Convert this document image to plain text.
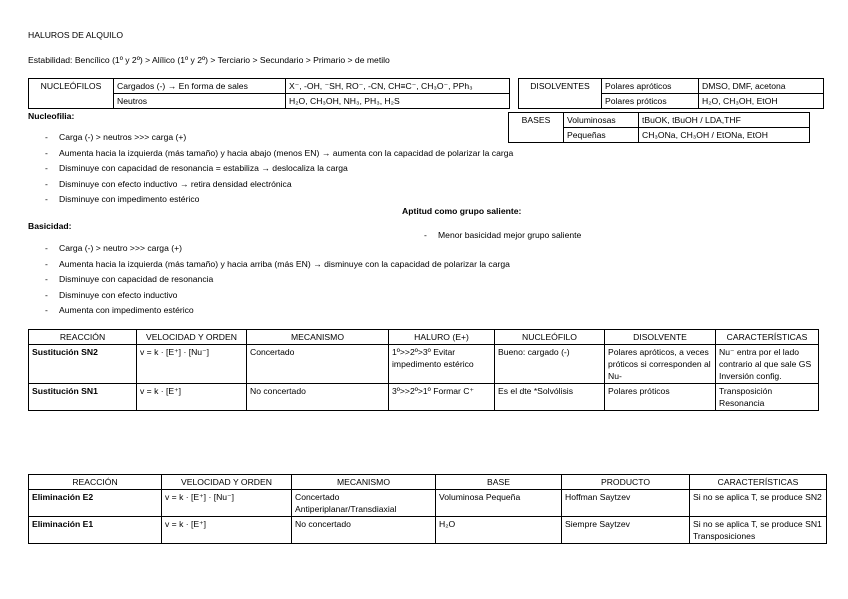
HALUROS DE ALQUILO
Estabilidad: Bencílico (1º y 2º) > Alílico (1º y 2º) > Terciario > Secundario > Primario > de metilo
NUCLEÓFILOS	Cargados (-) → En forma de sales	X⁻, -OH, ⁻SH, RO⁻, -CN, CH≡C⁻, CH₃O⁻, PPh₃
	Neutros	H₂O, CH₃OH, NH₃, PH₃, H₂S
DISOLVENTES	Polares apróticos	DMSO, DMF, acetona
	Polares próticos	H₂O, CH₃OH, EtOH
BASES	Voluminosas	tBuOK, tBuOH / LDA,THF
	Pequeñas	CH₃ONa, CH₃OH / EtONa, EtOH
Nucleofilia:
- Carga (-) > neutros >>> carga (+)
- Aumenta hacia la izquierda (más tamaño) y hacia abajo (menos EN) → aumenta con la capacidad de polarizar la carga
- Disminuye con capacidad de resonancia = estabiliza → deslocaliza la carga
- Disminuye con efecto inductivo → retira densidad electrónica
- Disminuye con impedimento estérico
Aptitud como grupo saliente:
- Menor basicidad mejor grupo saliente
Basicidad:
- Carga (-) > neutro >>> carga (+)
- Aumenta hacia la izquierda (más tamaño) y hacia arriba (más EN) → disminuye con la capacidad de polarizar la carga
- Disminuye con capacidad de resonancia
- Disminuye con efecto inductivo
- Aumenta con impedimento estérico
REACCIÓN	VELOCIDAD Y ORDEN	MECANISMO	HALURO (E+)	NUCLEÓFILO	DISOLVENTE	CARACTERÍSTICAS
Sustitución SN2	v = k · [E⁺] · [Nu⁻]	Concertado	1º>>2º>3º Evitar impedimento estérico	Bueno: cargado (-)	Polares apróticos, a veces próticos si corresponden al Nu-	Nu⁻ entra por el lado contrario al que sale GS Inversión config.
Sustitución SN1	v = k · [E⁺]	No concertado	3º>>2º>1º Formar C⁺	Es el dte *Solvólisis	Polares próticos	Transposición Resonancia
REACCIÓN	VELOCIDAD Y ORDEN	MECANISMO	BASE	PRODUCTO	CARACTERÍSTICAS
Eliminación E2	v = k · [E⁺] · [Nu⁻]	Concertado Antiperiplanar/Transdiaxial	Voluminosa Pequeña	Hoffman Saytzev	Si no se aplica T, se produce SN2
Eliminación E1	v = k · [E⁺]	No concertado	H₂O	Siempre Saytzev	Si no se aplica T, se produce SN1 Transposiciones
